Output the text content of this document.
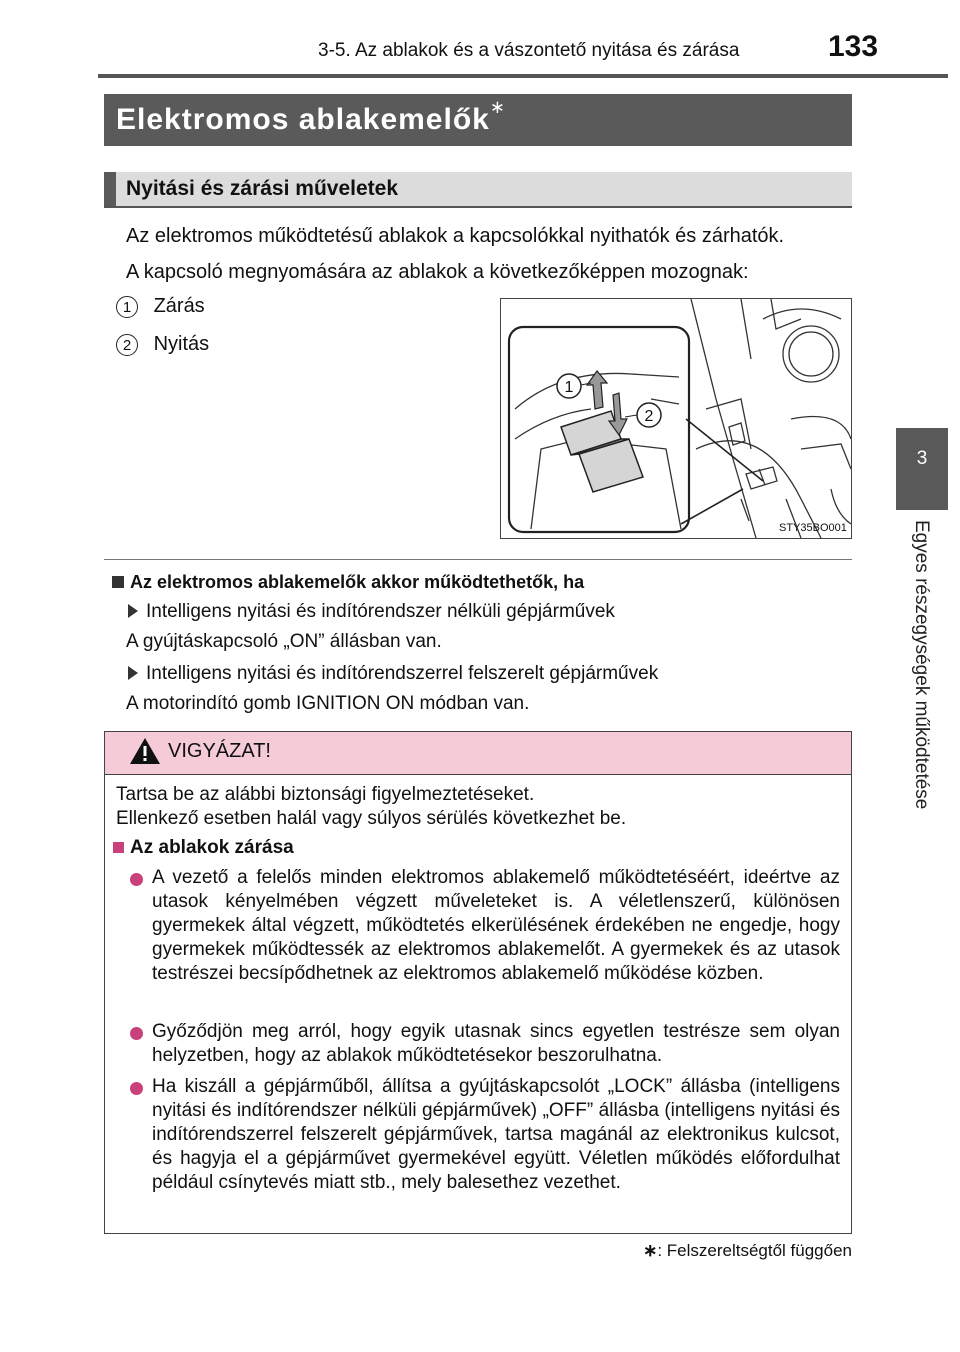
3-5. Az ablakok és a vászontető nyitása és zárása	133
3
Egyes részegységek működtetése
Elektromos ablakemelők∗
Nyitási és zárási műveletek
Az elektromos működtetésű ablakok a kapcsolókkal nyithatók és zárhatók.
A kapcsoló megnyomására az ablakok a következőképpen mozognak:
1 Zárás
2 Nyitás
1
2
STY35BO001
Az elektromos ablakemelők akkor működtethetők, ha
Intelligens nyitási és indítórendszer nélküli gépjárművek
A gyújtáskapcsoló „ON” állásban van.
Intelligens nyitási és indítórendszerrel felszerelt gépjárművek
A motorindító gomb IGNITION ON módban van.
VIGYÁZAT!
Tartsa be az alábbi biztonsági figyelmeztetéseket.
Ellenkező esetben halál vagy súlyos sérülés következhet be.
Az ablakok zárása
A vezető a felelős minden elektromos ablakemelő működtetéséért, ideértve az utasok kényelmében végzett műveleteket is. A véletlenszerű, különösen gyermekek által végzett, működtetés elkerülésének érdekében ne engedje, hogy gyermekek működtessék az elektromos ablakemelőt. A gyermekek és az utasok testrészei becsípődhetnek az elektromos ablakemelő működése közben.
Győződjön meg arról, hogy egyik utasnak sincs egyetlen testrésze sem olyan helyzetben, hogy az ablakok működtetésekor beszorulhatna.
Ha kiszáll a gépjárműből, állítsa a gyújtáskapcsolót „LOCK” állásba (intelligens nyitási és indítórendszer nélküli gépjárművek) „OFF” állásba (intelligens nyitási és indítórendszerrel felszerelt gépjárművek, tartsa magánál az elektronikus kulcsot, és hagyja el a gépjárművet gyermekével együtt. Véletlen működés előfordulhat például csínytevés miatt stb., mely balesethez vezethet.
∗: Felszereltségtől függően
